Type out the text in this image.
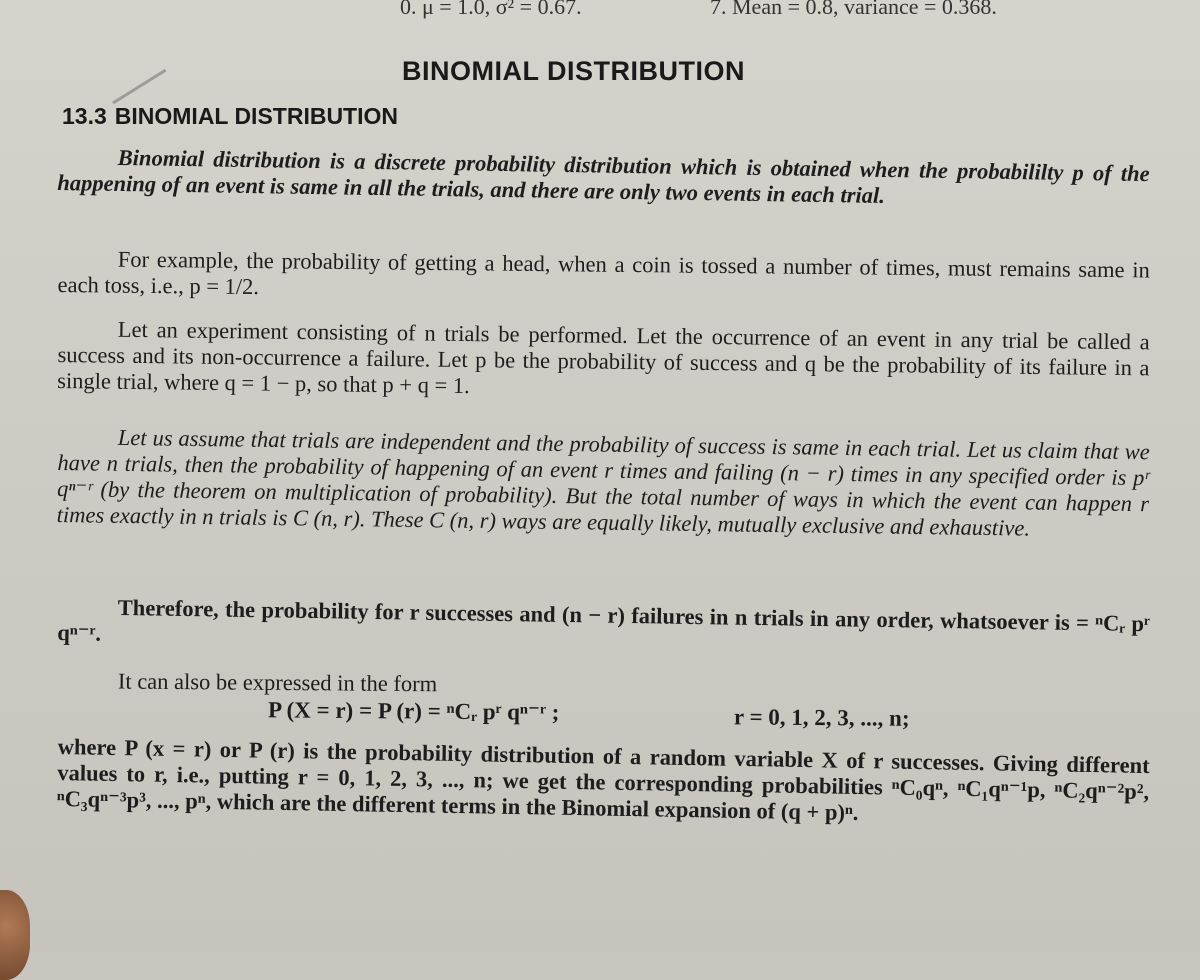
0. μ = 1.0, σ² = 0.67.	7. Mean = 0.8, variance = 0.368.
BINOMIAL DISTRIBUTION
13.3 BINOMIAL DISTRIBUTION
Binomial distribution is a discrete probability distribution which is obtained when the probabililty p of the happening of an event is same in all the trials, and there are only two events in each trial.
For example, the probability of getting a head, when a coin is tossed a number of times, must remains same in each toss, i.e., p = 1/2.
Let an experiment consisting of n trials be performed. Let the occurrence of an event in any trial be called a success and its non-occurrence a failure. Let p be the probability of success and q be the probability of its failure in a single trial, where q = 1 − p, so that p + q = 1.
Let us assume that trials are independent and the probability of success is same in each trial. Let us claim that we have n trials, then the probability of happening of an event r times and failing (n − r) times in any specified order is pʳ qⁿ⁻ʳ (by the theorem on multiplication of probability). But the total number of ways in which the event can happen r times exactly in n trials is C (n, r). These C (n, r) ways are equally likely, mutually exclusive and exhaustive.
Therefore, the probability for r successes and (n − r) failures in n trials in any order, whatsoever is = ⁿCᵣ pʳ qⁿ⁻ʳ.
It can also be expressed in the form
P (X = r) = P (r) = ⁿCᵣ pʳ qⁿ⁻ʳ ;	r = 0, 1, 2, 3, ..., n;
where P (x = r) or P (r) is the probability distribution of a random variable X of r successes. Giving different values to r, i.e., putting r = 0, 1, 2, 3, ..., n; we get the corresponding probabilities ⁿC₀qⁿ, ⁿC₁qⁿ⁻¹p, ⁿC₂qⁿ⁻²p², ⁿC₃qⁿ⁻³p³, ..., pⁿ, which are the different terms in the Binomial expansion of (q + p)ⁿ.
